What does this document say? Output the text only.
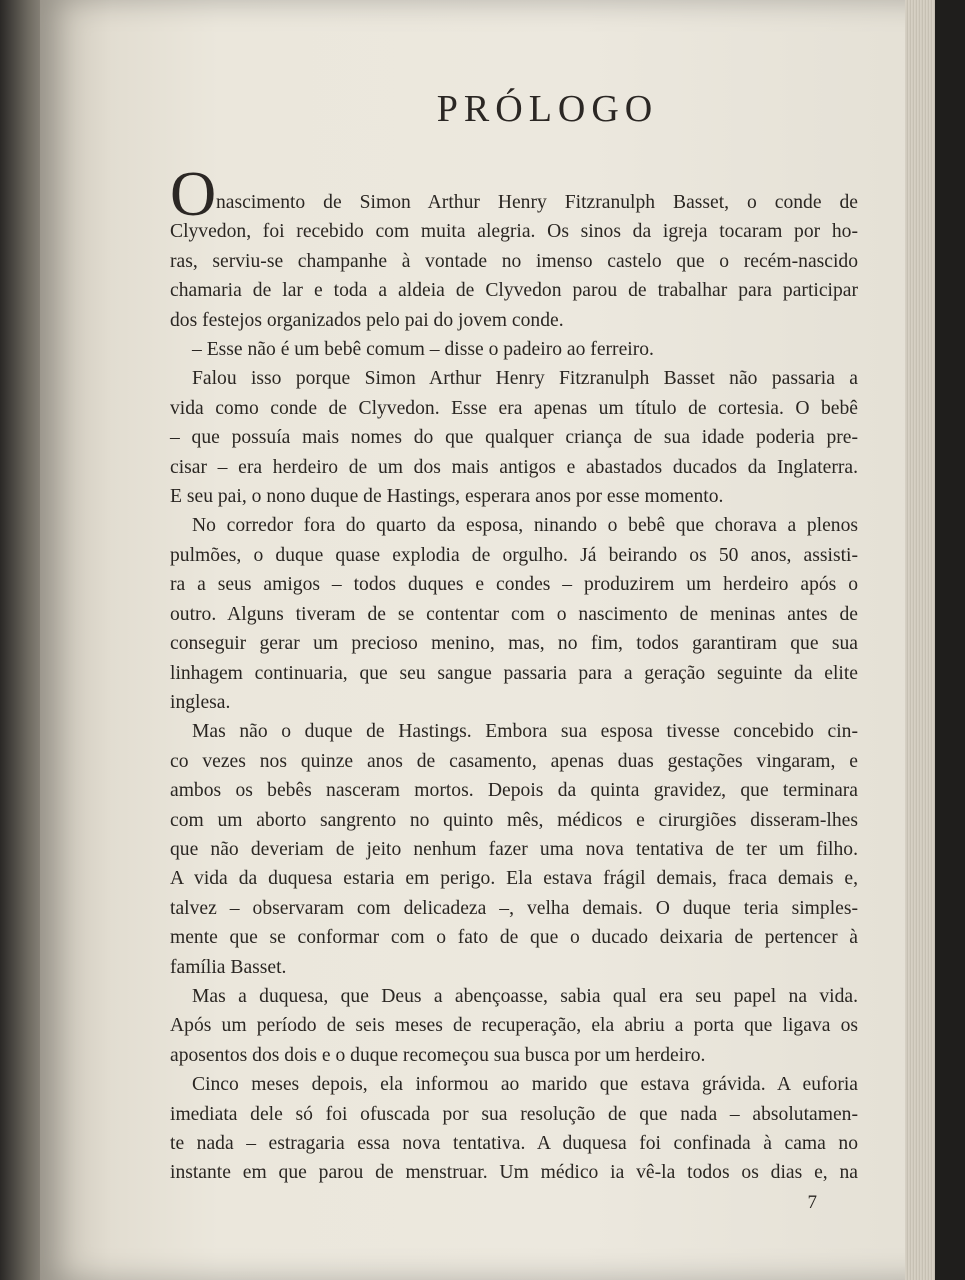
PRÓLOGO
O nascimento de Simon Arthur Henry Fitzranulph Basset, o conde de
Clyvedon, foi recebido com muita alegria. Os sinos da igreja tocaram por ho-
ras, serviu-se champanhe à vontade no imenso castelo que o recém-nascido
chamaria de lar e toda a aldeia de Clyvedon parou de trabalhar para participar
dos festejos organizados pelo pai do jovem conde.
– Esse não é um bebê comum – disse o padeiro ao ferreiro.
Falou isso porque Simon Arthur Henry Fitzranulph Basset não passaria a
vida como conde de Clyvedon. Esse era apenas um título de cortesia. O bebê
– que possuía mais nomes do que qualquer criança de sua idade poderia pre-
cisar – era herdeiro de um dos mais antigos e abastados ducados da Inglaterra.
E seu pai, o nono duque de Hastings, esperara anos por esse momento.
No corredor fora do quarto da esposa, ninando o bebê que chorava a plenos
pulmões, o duque quase explodia de orgulho. Já beirando os 50 anos, assisti-
ra a seus amigos – todos duques e condes – produzirem um herdeiro após o
outro. Alguns tiveram de se contentar com o nascimento de meninas antes de
conseguir gerar um precioso menino, mas, no fim, todos garantiram que sua
linhagem continuaria, que seu sangue passaria para a geração seguinte da elite
inglesa.
Mas não o duque de Hastings. Embora sua esposa tivesse concebido cin-
co vezes nos quinze anos de casamento, apenas duas gestações vingaram, e
ambos os bebês nasceram mortos. Depois da quinta gravidez, que terminara
com um aborto sangrento no quinto mês, médicos e cirurgiões disseram-lhes
que não deveriam de jeito nenhum fazer uma nova tentativa de ter um filho.
A vida da duquesa estaria em perigo. Ela estava frágil demais, fraca demais e,
talvez – observaram com delicadeza –, velha demais. O duque teria simples-
mente que se conformar com o fato de que o ducado deixaria de pertencer à
família Basset.
Mas a duquesa, que Deus a abençoasse, sabia qual era seu papel na vida.
Após um período de seis meses de recuperação, ela abriu a porta que ligava os
aposentos dos dois e o duque recomeçou sua busca por um herdeiro.
Cinco meses depois, ela informou ao marido que estava grávida. A euforia
imediata dele só foi ofuscada por sua resolução de que nada – absolutamen-
te nada – estragaria essa nova tentativa. A duquesa foi confinada à cama no
instante em que parou de menstruar. Um médico ia vê-la todos os dias e, na
7
